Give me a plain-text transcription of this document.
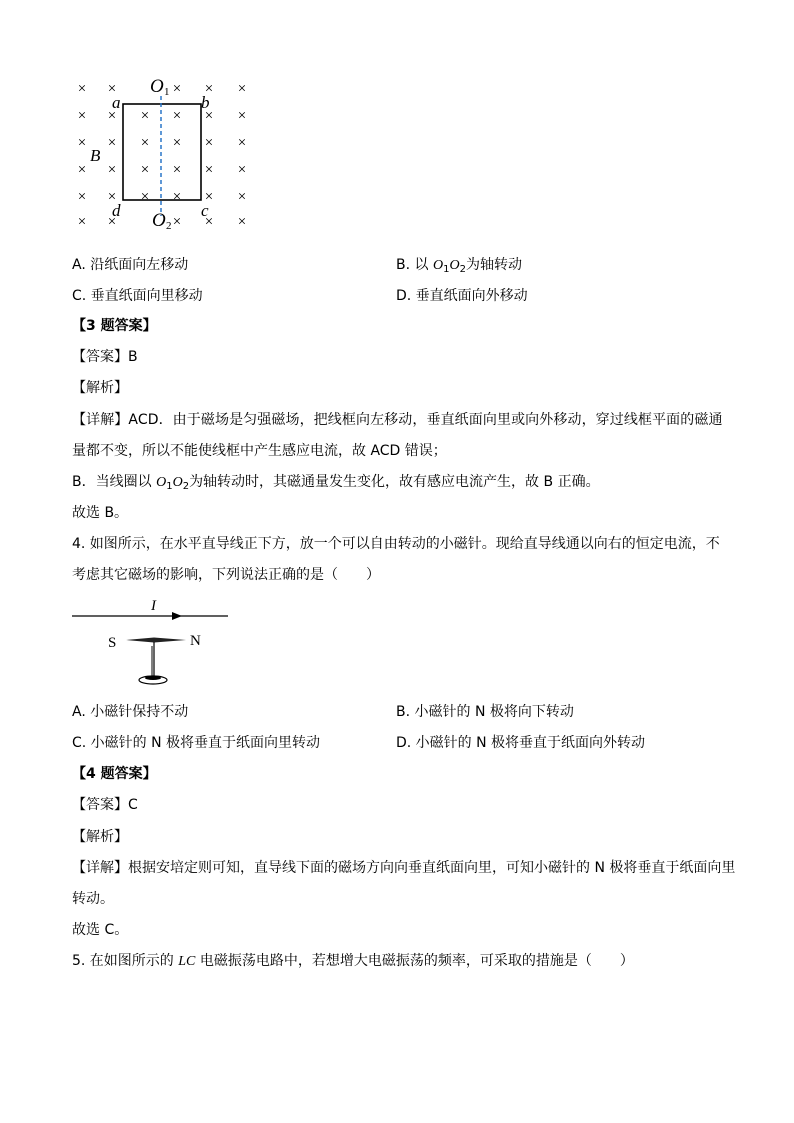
× ×	× × ×
× × × × × ×
× × × × × ×
× × × × × ×
× × × × × ×
× ×	× × ×
O 1
O 2
a	b
c
d
B
A. 沿纸面向左移动	B. 以 $O_1O_2$为轴转动
C. 垂直纸面向里移动	D. 垂直纸面向外移动
【3 题答案】
【答案】B
【解析】
【详解】ACD．由于磁场是匀强磁场，把线框向左移动，垂直纸面向里或向外移动，穿过线框平面的磁通
量都不变，所以不能使线框中产生感应电流，故 ACD 错误；
B．当线圈以 $O_1O_2$为轴转动时，其磁通量发生变化，故有感应电流产生，故 B 正确。
故选 B。
4. 如图所示，在水平直导线正下方，放一个可以自由转动的小磁针。现给直导线通以向右的恒定电流，不
考虑其它磁场的影响，下列说法正确的是（　　）
I
S	N
A. 小磁针保持不动	B. 小磁针的 N 极将向下转动
C. 小磁针的 N 极将垂直于纸面向里转动	D. 小磁针的 N 极将垂直于纸面向外转动
【4 题答案】
【答案】C
【解析】
【详解】根据安培定则可知，直导线下面的磁场方向向垂直纸面向里，可知小磁针的 N 极将垂直于纸面向里
转动。
故选 C。
5. 在如图所示的 LC 电磁振荡电路中，若想增大电磁振荡的频率，可采取的措施是（　　）
